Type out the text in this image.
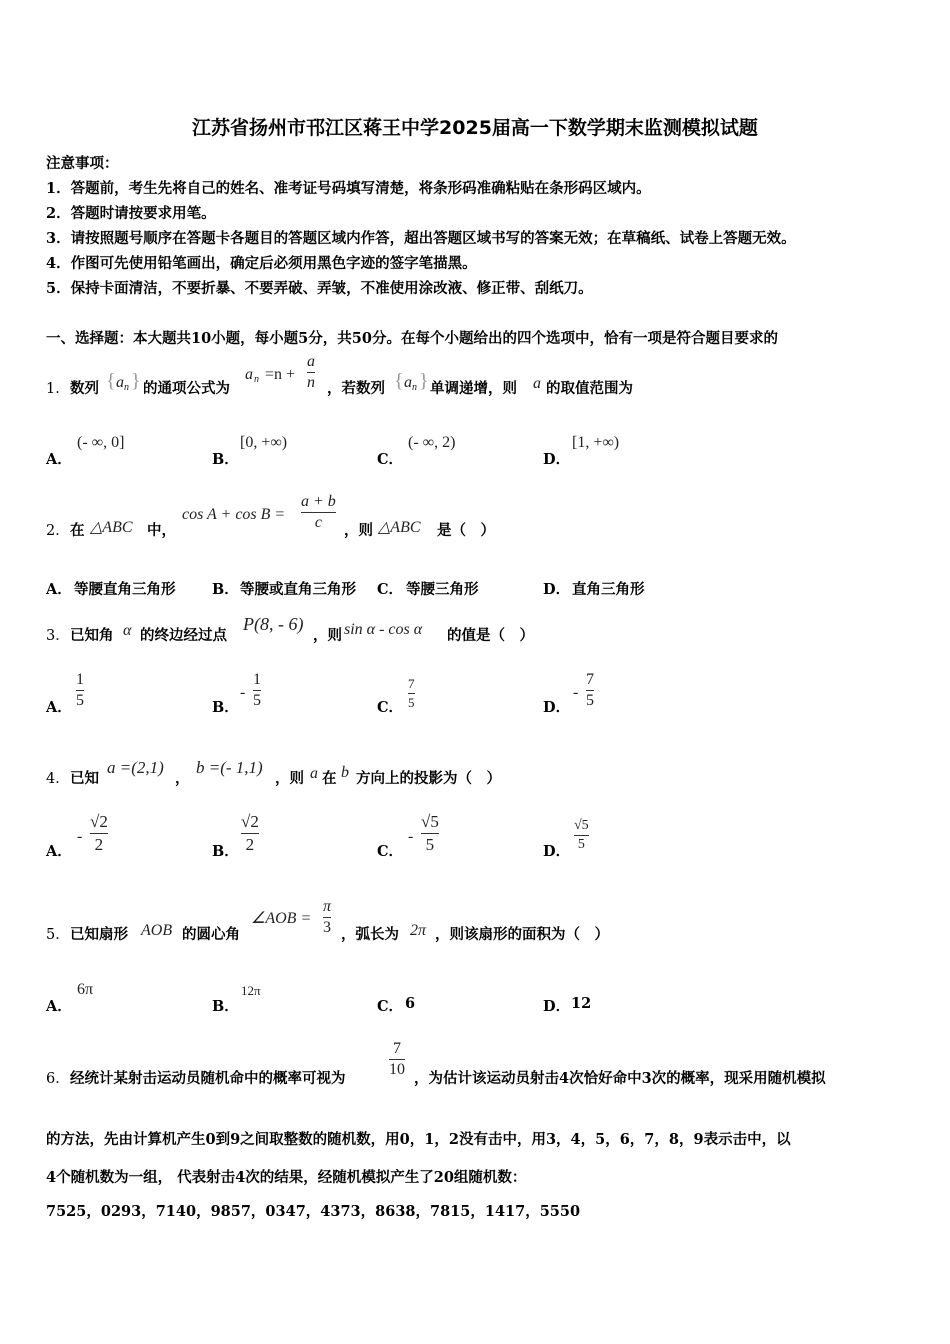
江苏省扬州市邗江区蒋王中学2025届高一下数学期末监测模拟试题
注意事项：
1．答题前，考生先将自己的姓名、准考证号码填写清楚，将条形码准确粘贴在条形码区域内。
2．答题时请按要求用笔。
3．请按照题号顺序在答题卡各题目的答题区域内作答，超出答题区域书写的答案无效；在草稿纸、试卷上答题无效。
4．作图可先使用铅笔画出，确定后必须用黑色字迹的签字笔描黑。
5．保持卡面清洁，不要折暴、不要弄破、弄皱，不准使用涂改液、修正带、刮纸刀。
一、选择题：本大题共10小题，每小题5分，共50分。在每个小题给出的四个选项中，恰有一项是符合题目要求的
1． 数列 { a n } 的通项公式为
a n =n +
a
n ，若数列 { a n } 单调递增，则 a 的取值范围为
A．
(- ∞, 0]
B．
[0, +∞)
C．
(- ∞, 2)
D．
[1, +∞)
2． 在 △ABC 中，
cos A + cos B =
a + b
c ，则 △ABC 是（　）
A． 等腰直角三角形	B． 等腰或直角三角形 C． 等腰三角形	D． 直角三角形
3． 已知角 α 的终边经过点
P(8, - 6)
，则 sin α - cos α 的值是（　）
A．
1
5	B．
-
1
5	C．
7
5	D．
-
7
5
4． 已知
a =(2,1)
，
b =(- 1,1)
，则 a 在 b 方向上的投影为（　）
A．
-
√2
2	B．
√2
2	C．
-
√5
5	D．
√5
5
5． 已知扇形 AOB 的圆心角
∠AOB =
π
3 ，弧长为 2π ，则该扇形的面积为（　）
A．
6π
B．
12π
C． 6	D． 12
6． 经统计某射击运动员随机命中的概率可视为
7
10
，为估计该运动员射击4次恰好命中3次的概率，现采用随机模拟
的方法，先由计算机产生0到9之间取整数的随机数，用0，1，2没有击中，用3，4，5，6，7，8，9表示击中，以
4个随机数为一组， 代表射击4次的结果，经随机模拟产生了20组随机数：
7525，0293，7140，9857，0347，4373，8638，7815，1417，5550
